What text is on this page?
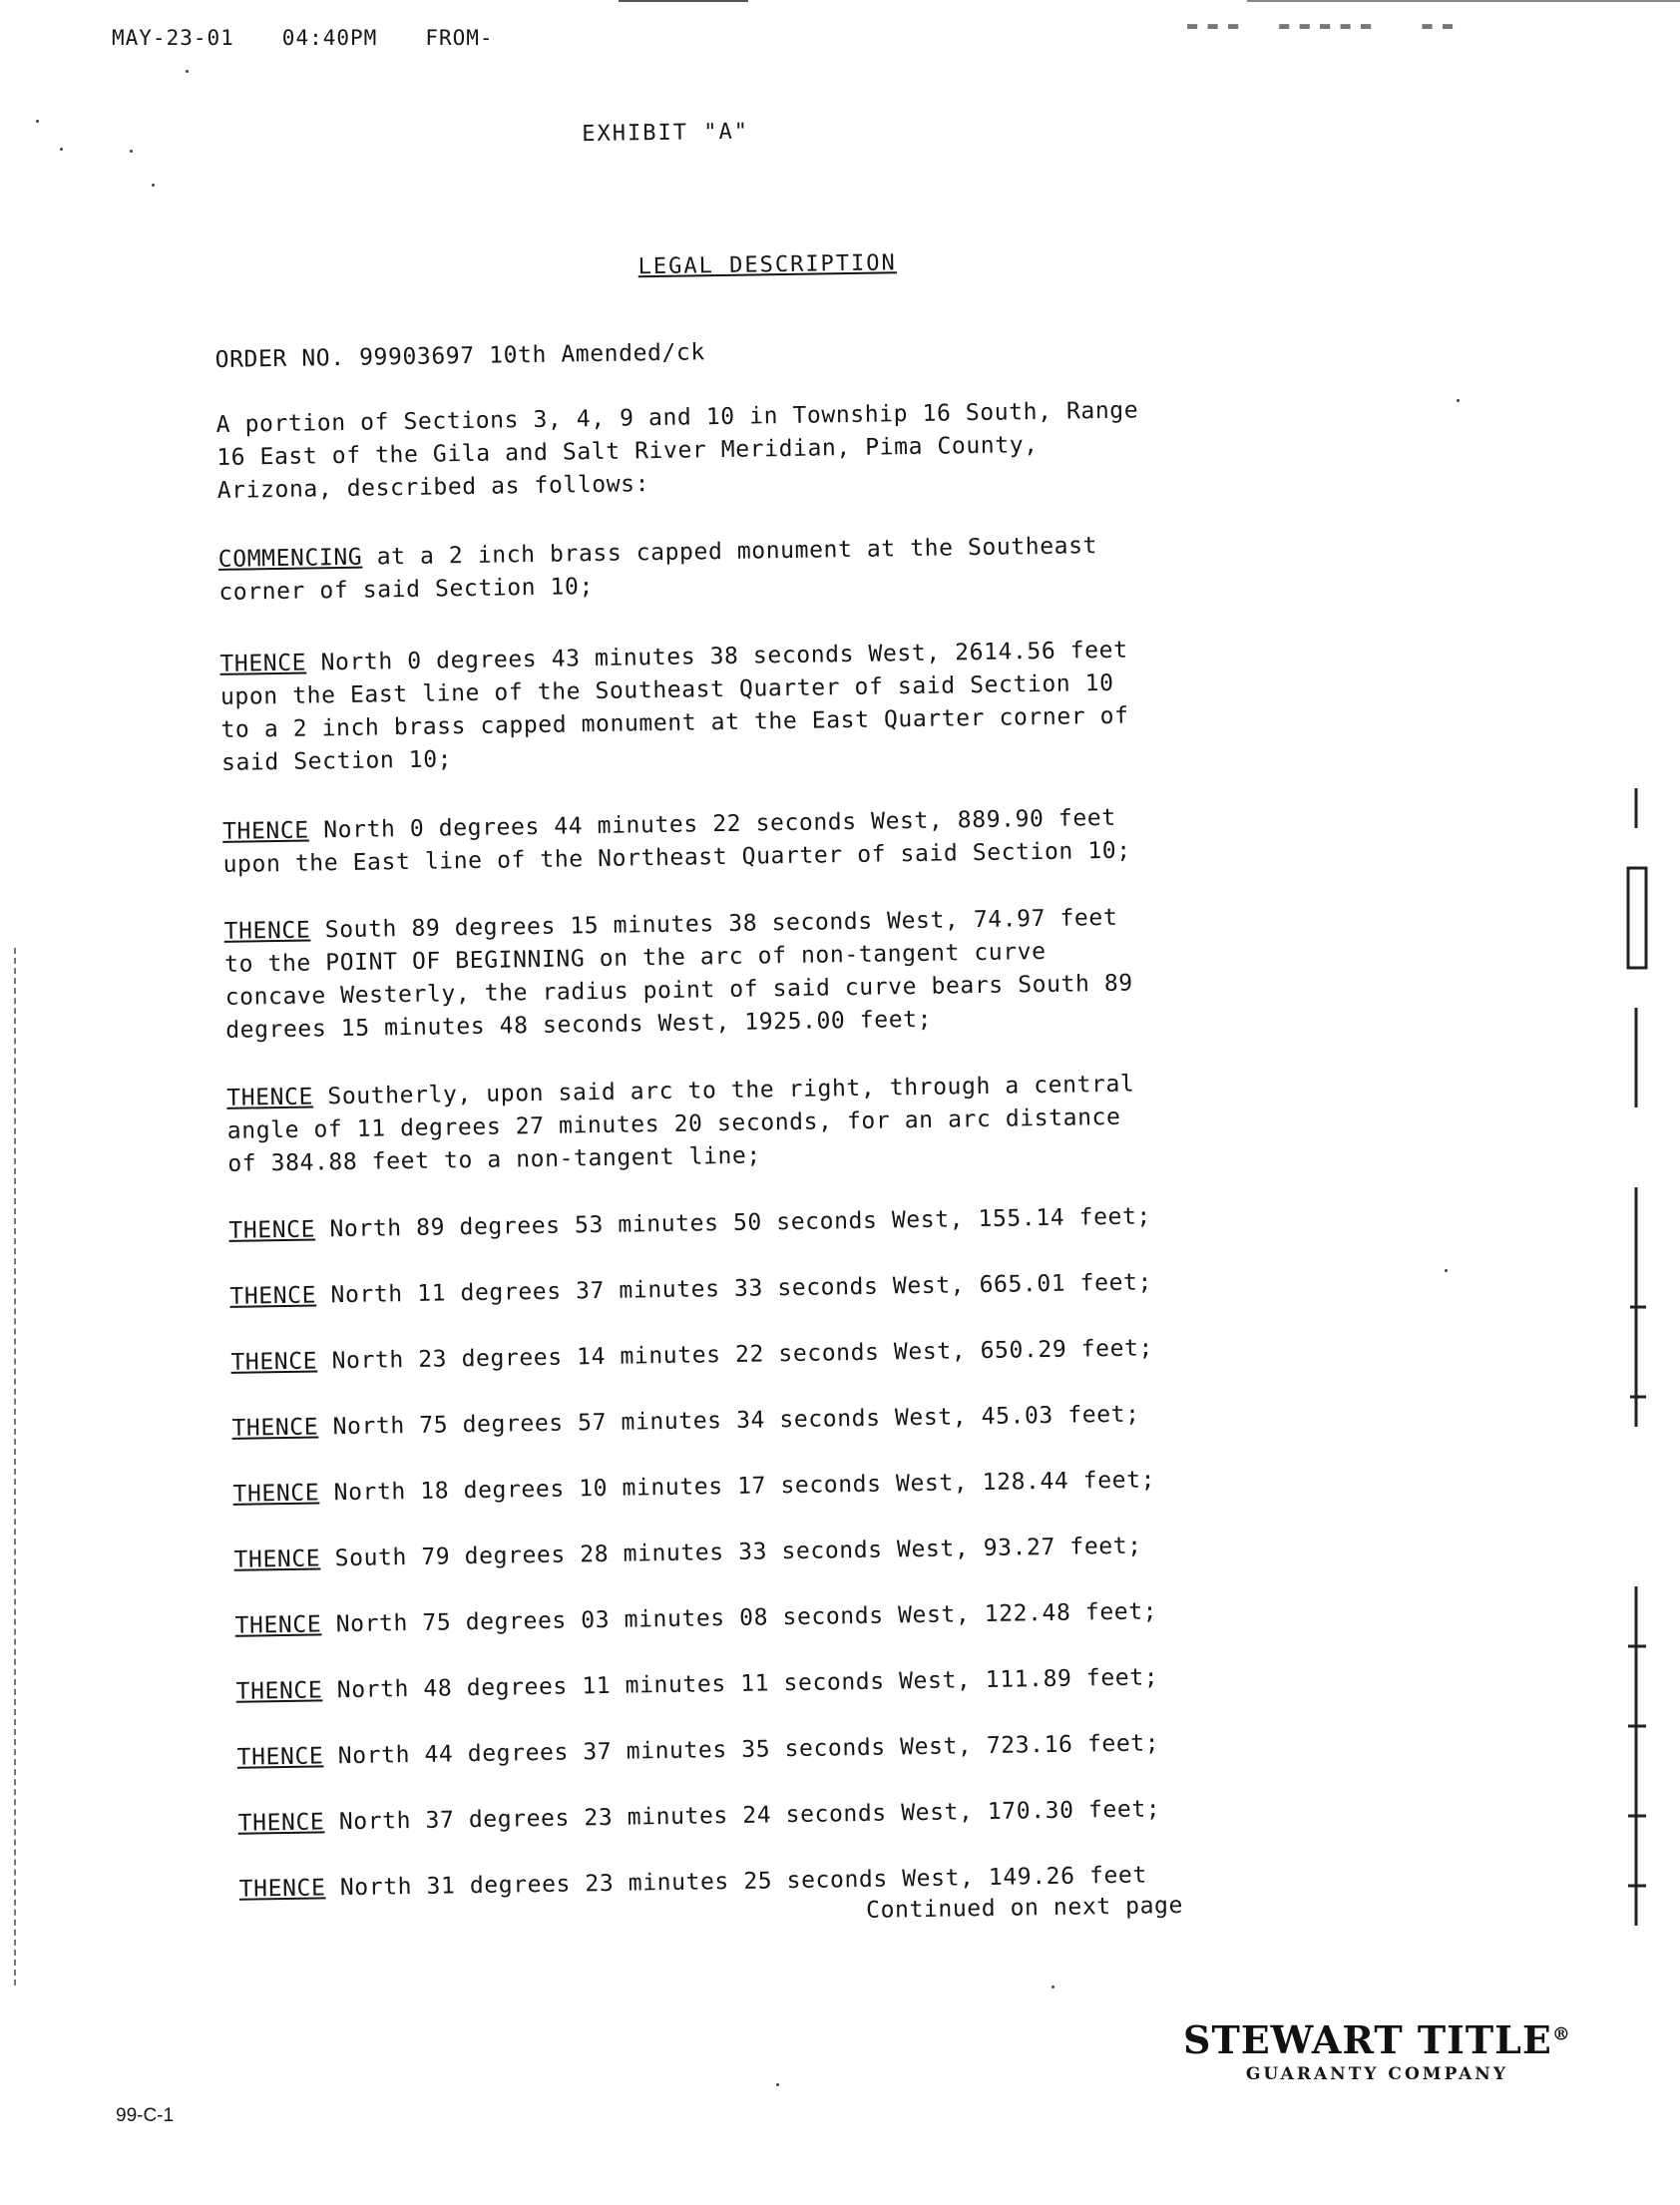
MAY-23-01 04:40PM FROM-	▬ ▬ ▬    ▬ ▬ ▬ ▬ ▬     ▬ ▬
EXHIBIT "A"
LEGAL DESCRIPTION
ORDER NO. 99903697 10th Amended/ck
A portion of Sections 3, 4, 9 and 10 in Township 16 South, Range
16 East of the Gila and Salt River Meridian, Pima County,
Arizona, described as follows:
COMMENCING at a 2 inch brass capped monument at the Southeast
corner of said Section 10;
THENCE North 0 degrees 43 minutes 38 seconds West, 2614.56 feet
upon the East line of the Southeast Quarter of said Section 10
to a 2 inch brass capped monument at the East Quarter corner of
said Section 10;
THENCE North 0 degrees 44 minutes 22 seconds West, 889.90 feet
upon the East line of the Northeast Quarter of said Section 10;
THENCE South 89 degrees 15 minutes 38 seconds West, 74.97 feet
to the POINT OF BEGINNING on the arc of non-tangent curve
concave Westerly, the radius point of said curve bears South 89
degrees 15 minutes 48 seconds West, 1925.00 feet;
THENCE Southerly, upon said arc to the right, through a central
angle of 11 degrees 27 minutes 20 seconds, for an arc distance
of 384.88 feet to a non-tangent line;
THENCE North 89 degrees 53 minutes 50 seconds West, 155.14 feet;
THENCE North 11 degrees 37 minutes 33 seconds West, 665.01 feet;
THENCE North 23 degrees 14 minutes 22 seconds West, 650.29 feet;
THENCE North 75 degrees 57 minutes 34 seconds West, 45.03 feet;
THENCE North 18 degrees 10 minutes 17 seconds West, 128.44 feet;
THENCE South 79 degrees 28 minutes 33 seconds West, 93.27 feet;
THENCE North 75 degrees 03 minutes 08 seconds West, 122.48 feet;
THENCE North 48 degrees 11 minutes 11 seconds West, 111.89 feet;
THENCE North 44 degrees 37 minutes 35 seconds West, 723.16 feet;
THENCE North 37 degrees 23 minutes 24 seconds West, 170.30 feet;
THENCE North 31 degrees 23 minutes 25 seconds West, 149.26 feet
Continued on next page
STEWART TITLE®
GUARANTY COMPANY
99-C-1
